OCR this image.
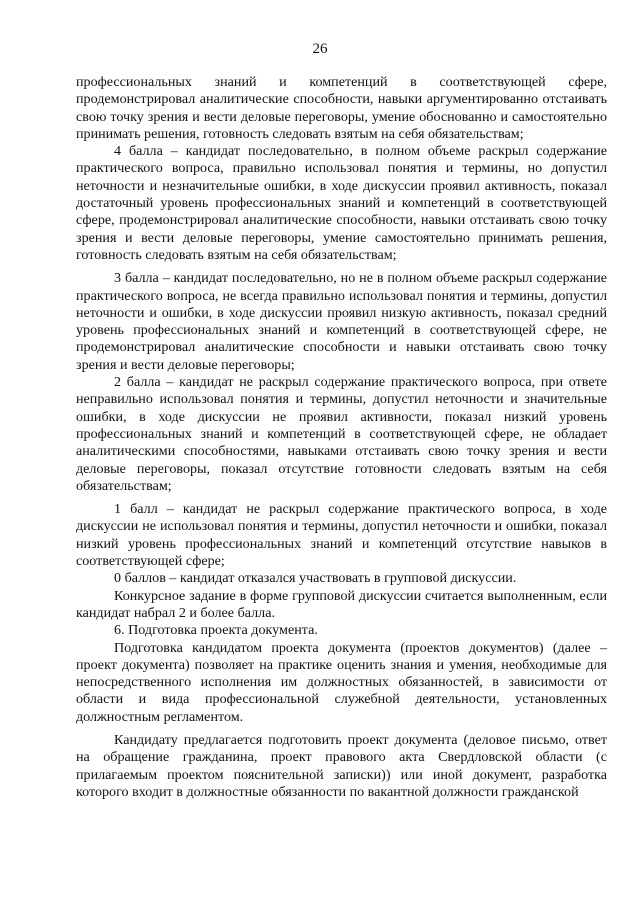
26

профессиональных знаний и компетенций в соответствующей сфере, продемонстрировал аналитические способности, навыки аргументированно отстаивать свою точку зрения и вести деловые переговоры, умение обоснованно и самостоятельно принимать решения, готовность следовать взятым на себя обязательствам;

4 балла – кандидат последовательно, в полном объеме раскрыл содержание практического вопроса, правильно использовал понятия и термины, но допустил неточности и незначительные ошибки, в ходе дискуссии проявил активность, показал достаточный уровень профессиональных знаний и компетенций в соответствующей сфере, продемонстрировал аналитические способности, навыки отстаивать свою точку зрения и вести деловые переговоры, умение самостоятельно принимать решения, готовность следовать взятым на себя обязательствам;

3 балла – кандидат последовательно, но не в полном объеме раскрыл содержание практического вопроса, не всегда правильно использовал понятия и термины, допустил неточности и ошибки, в ходе дискуссии проявил низкую активность, показал средний уровень профессиональных знаний и компетенций в соответствующей сфере, не продемонстрировал аналитические способности и навыки отстаивать свою точку зрения и вести деловые переговоры;

2 балла – кандидат не раскрыл содержание практического вопроса, при ответе неправильно использовал понятия и термины, допустил неточности и значительные ошибки, в ходе дискуссии не проявил активности, показал низкий уровень профессиональных знаний и компетенций в соответствующей сфере, не обладает аналитическими способностями, навыками отстаивать свою точку зрения и вести деловые переговоры, показал отсутствие готовности следовать взятым на себя обязательствам;

1 балл – кандидат не раскрыл содержание практического вопроса, в ходе дискуссии не использовал понятия и термины, допустил неточности и ошибки, показал низкий уровень профессиональных знаний и компетенций отсутствие навыков в соответствующей сфере;

0 баллов – кандидат отказался участвовать в групповой дискуссии.

Конкурсное задание в форме групповой дискуссии считается выполненным, если кандидат набрал 2 и более балла.

6. Подготовка проекта документа.

Подготовка кандидатом проекта документа (проектов документов) (далее – проект документа) позволяет на практике оценить знания и умения, необходимые для непосредственного исполнения им должностных обязанностей, в зависимости от области и вида профессиональной служебной деятельности, установленных должностным регламентом.

Кандидату предлагается подготовить проект документа (деловое письмо, ответ на обращение гражданина, проект правового акта Свердловской области (с прилагаемым проектом пояснительной записки)) или иной документ, разработка которого входит в должностные обязанности по вакантной должности гражданской
